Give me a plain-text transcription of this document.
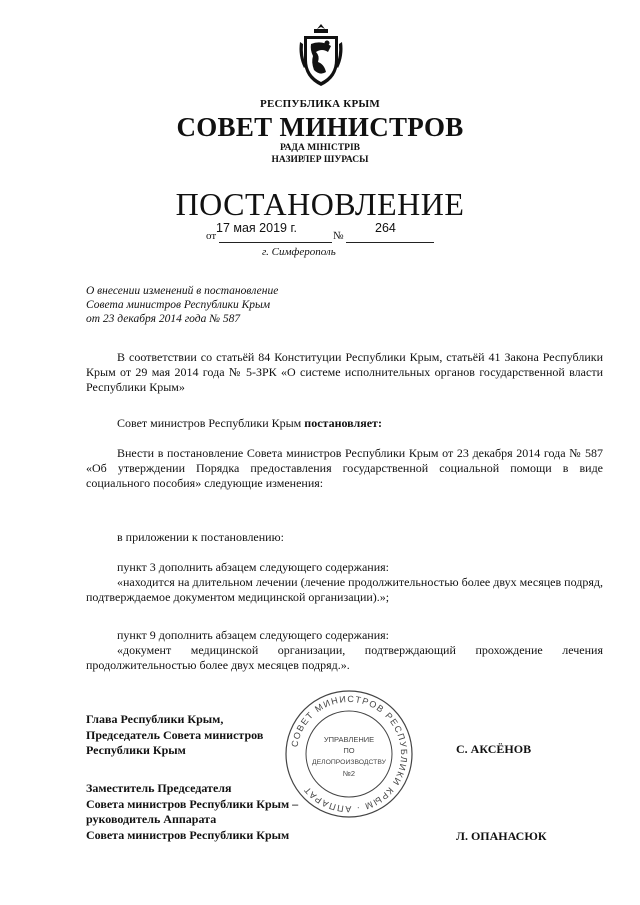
РЕСПУБЛИКА КРЫМ
СОВЕТ МИНИСТРОВ
РАДА МІНІСТРІВ
НАЗИРЛЕР ШУРАСЫ
ПОСТАНОВЛЕНИЕ
от
17 мая 2019 г.
№
264
г. Симферополь
О внесении изменений в постановление
Совета министров Республики Крым
от 23 декабря 2014 года № 587
В соответствии со статьёй 84 Конституции Республики Крым, статьёй 41 Закона Республики Крым от 29 мая 2014 года № 5-ЗРК «О системе исполнительных органов государственной власти Республики Крым»
Совет министров Республики Крым постановляет:
Внести в постановление Совета министров Республики Крым от 23 декабря 2014 года № 587 «Об утверждении Порядка предоставления государственной социальной помощи в виде социального пособия» следующие изменения:
в приложении к постановлению:
пункт 3 дополнить абзацем следующего содержания:
«находится на длительном лечении (лечение продолжительностью более двух месяцев подряд, подтверждаемое документом медицинской организации).»;
пункт 9 дополнить абзацем следующего содержания:
«документ медицинской организации, подтверждающий прохождение лечения продолжительностью более двух месяцев подряд.».
СОВЕТ МИНИСТРОВ РЕСПУБЛИКИ КРЫМ · АППАРАТ
УПРАВЛЕНИЕ
ПО
ДЕЛОПРОИЗВОДСТВУ
№2
Глава Республики Крым,
Председатель Совета министров
Республики Крым	С. АКСЁНОВ
Заместитель Председателя
Совета министров Республики Крым –
руководитель Аппарата
Совета министров Республики Крым	Л. ОПАНАСЮК
